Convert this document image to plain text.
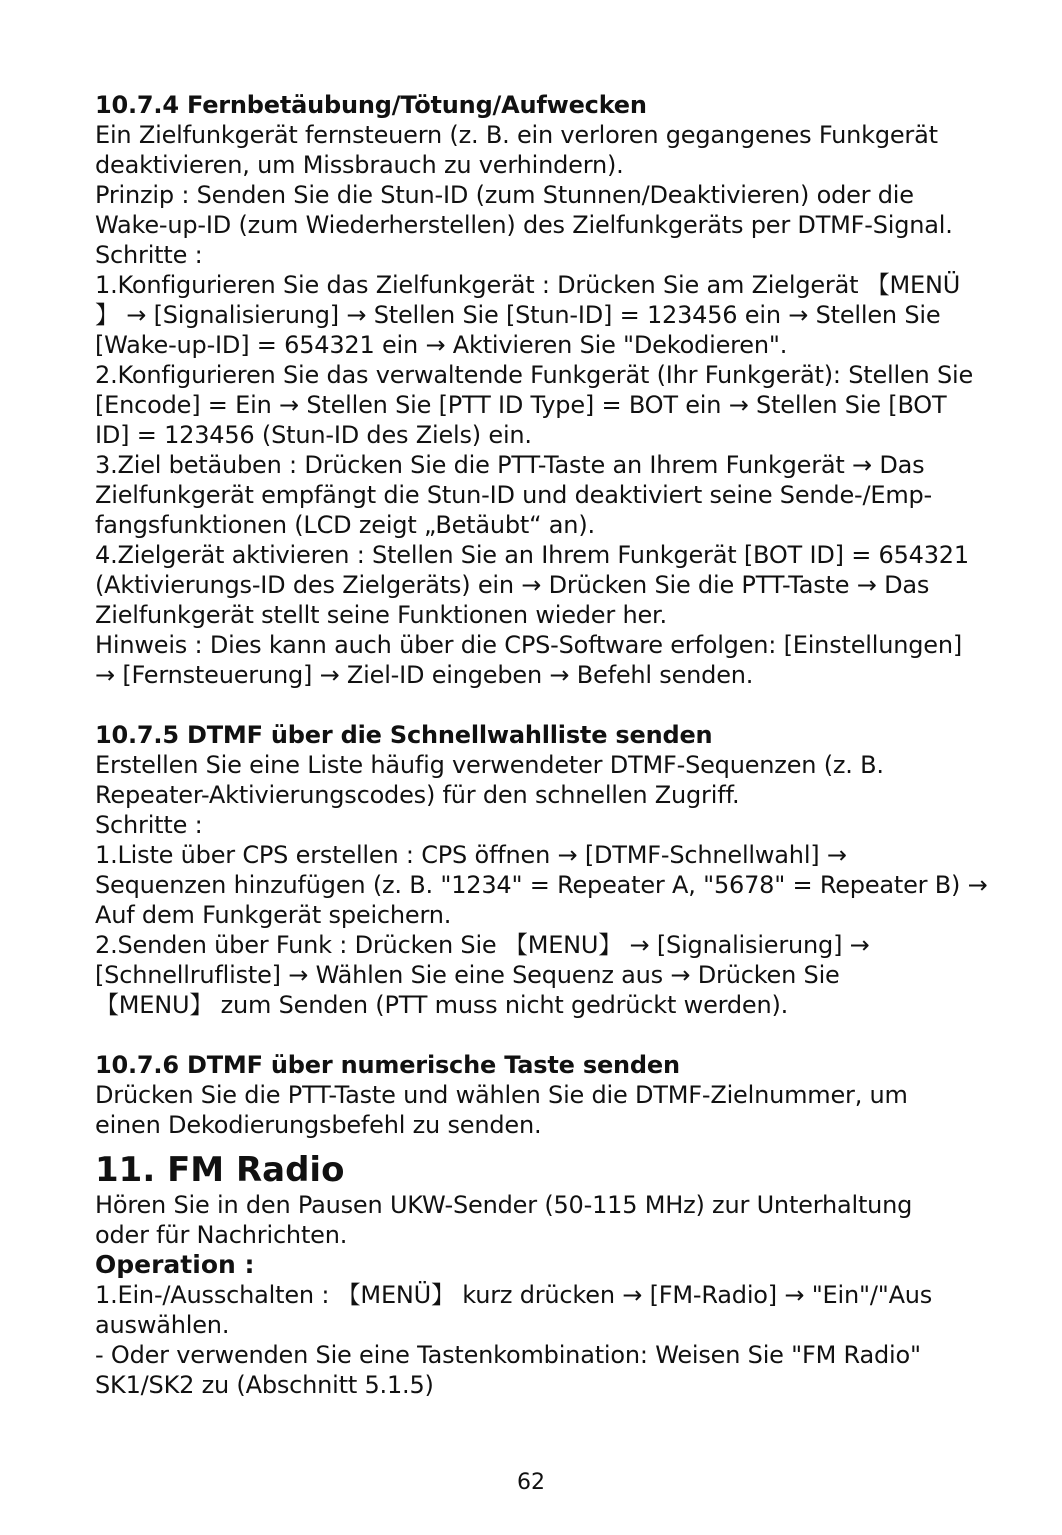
10.7.4 Fernbetäubung/Tötung/Aufwecken
Ein Zielfunkgerät fernsteuern (z. B. ein verloren gegangenes Funkgerät
deaktivieren, um Missbrauch zu verhindern).
Prinzip : Senden Sie die Stun-ID (zum Stunnen/Deaktivieren) oder die
Wake-up-ID (zum Wiederherstellen) des Zielfunkgeräts per DTMF-Signal.
Schritte :
1.Konfigurieren Sie das Zielfunkgerät : Drücken Sie am Zielgerät 【MENÜ
】 → [Signalisierung] → Stellen Sie [Stun-ID] = 123456 ein → Stellen Sie
[Wake-up-ID] = 654321 ein → Aktivieren Sie "Dekodieren".
2.Konfigurieren Sie das verwaltende Funkgerät (Ihr Funkgerät): Stellen Sie
[Encode] = Ein → Stellen Sie [PTT ID Type] = BOT ein → Stellen Sie [BOT
ID] = 123456 (Stun-ID des Ziels) ein.
3.Ziel betäuben : Drücken Sie die PTT-Taste an Ihrem Funkgerät → Das
Zielfunkgerät empfängt die Stun-ID und deaktiviert seine Sende-/Emp-
fangsfunktionen (LCD zeigt „Betäubt“ an).
4.Zielgerät aktivieren : Stellen Sie an Ihrem Funkgerät [BOT ID] = 654321
(Aktivierungs-ID des Zielgeräts) ein → Drücken Sie die PTT-Taste → Das
Zielfunkgerät stellt seine Funktionen wieder her.
Hinweis : Dies kann auch über die CPS-Software erfolgen: [Einstellungen]
→ [Fernsteuerung] → Ziel-ID eingeben → Befehl senden.
10.7.5 DTMF über die Schnellwahlliste senden
Erstellen Sie eine Liste häufig verwendeter DTMF-Sequenzen (z. B.
Repeater-Aktivierungscodes) für den schnellen Zugriff.
Schritte :
1.Liste über CPS erstellen : CPS öffnen → [DTMF-Schnellwahl] →
Sequenzen hinzufügen (z. B. "1234" = Repeater A, "5678" = Repeater B) →
Auf dem Funkgerät speichern.
2.Senden über Funk : Drücken Sie 【MENU】 → [Signalisierung] →
[Schnellrufliste] → Wählen Sie eine Sequenz aus → Drücken Sie
【MENU】 zum Senden (PTT muss nicht gedrückt werden).
10.7.6 DTMF über numerische Taste senden
Drücken Sie die PTT-Taste und wählen Sie die DTMF-Zielnummer, um
einen Dekodierungsbefehl zu senden.
11. FM Radio
Hören Sie in den Pausen UKW-Sender (50-115 MHz) zur Unterhaltung
oder für Nachrichten.
Operation :
1.Ein-/Ausschalten : 【MENÜ】 kurz drücken → [FM-Radio] → "Ein"/"Aus
auswählen.
- Oder verwenden Sie eine Tastenkombination: Weisen Sie "FM Radio"
SK1/SK2 zu (Abschnitt 5.1.5)
62
